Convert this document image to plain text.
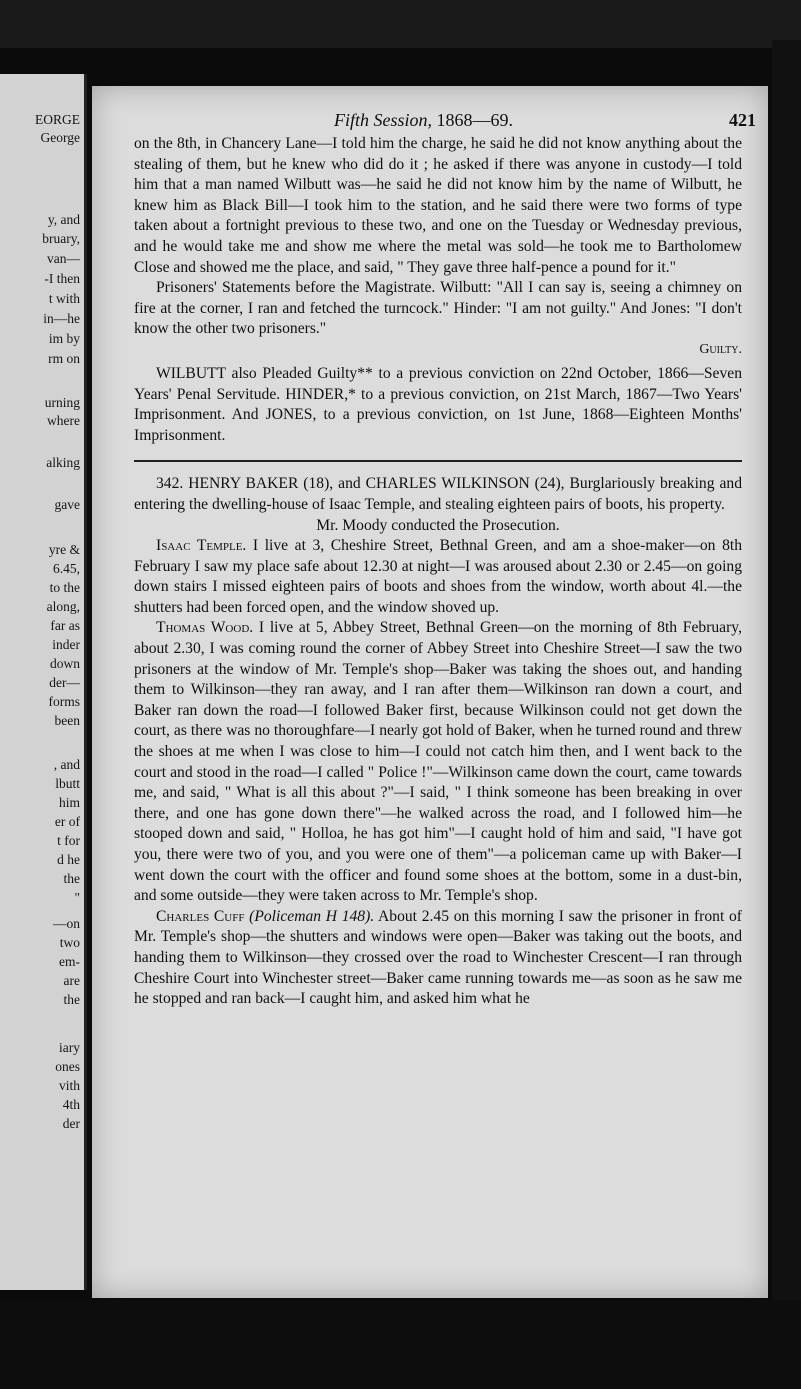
EORGE
George
y, and
bruary,
van—
-I then
t with
in—he
im by
rm on
urning
where
alking
gave
yre &
6.45,
to the
along,
far as
inder
down
der—
forms
been
, and
lbutt
him
er of
t for
d he
the
"
—on
two
em-
are
the
iary
ones
vith
4th
der
Fifth Session, 1868—69.	421

on the 8th, in Chancery Lane—I told him the charge, he said he did not know anything about the stealing of them, but he knew who did do it ; he asked if there was anyone in custody—I told him that a man named Wilbutt was—he said he did not know him by the name of Wilbutt, he knew him as Black Bill—I took him to the station, and he said there were two forms of type taken about a fortnight previous to these two, and one on the Tuesday or Wednesday previous, and he would take me and show me where the metal was sold—he took me to Bartholomew Close and showed me the place, and said, " They gave three half-pence a pound for it."

Prisoners' Statements before the Magistrate. Wilbutt: "All I can say is, seeing a chimney on fire at the corner, I ran and fetched the turncock." Hinder: "I am not guilty." And Jones: "I don't know the other two prisoners."

Guilty.

WILBUTT also Pleaded Guilty** to a previous conviction on 22nd October, 1866—Seven Years' Penal Servitude. HINDER,* to a previous conviction, on 21st March, 1867—Two Years' Imprisonment. And JONES, to a previous conviction, on 1st June, 1868—Eighteen Months' Imprisonment.

342. HENRY BAKER (18), and CHARLES WILKINSON (24), Burglariously breaking and entering the dwelling-house of Isaac Temple, and stealing eighteen pairs of boots, his property.

Mr. Moody conducted the Prosecution.

Isaac Temple. I live at 3, Cheshire Street, Bethnal Green, and am a shoe-maker—on 8th February I saw my place safe about 12.30 at night—I was aroused about 2.30 or 2.45—on going down stairs I missed eighteen pairs of boots and shoes from the window, worth about 4l.—the shutters had been forced open, and the window shoved up.

Thomas Wood. I live at 5, Abbey Street, Bethnal Green—on the morning of 8th February, about 2.30, I was coming round the corner of Abbey Street into Cheshire Street—I saw the two prisoners at the window of Mr. Temple's shop—Baker was taking the shoes out, and handing them to Wilkinson—they ran away, and I ran after them—Wilkinson ran down a court, and Baker ran down the road—I followed Baker first, because Wilkinson could not get down the court, as there was no thoroughfare—I nearly got hold of Baker, when he turned round and threw the shoes at me when I was close to him—I could not catch him then, and I went back to the court and stood in the road—I called " Police !"—Wilkinson came down the court, came towards me, and said, " What is all this about ?"—I said, " I think someone has been breaking in over there, and one has gone down there"—he walked across the road, and I followed him—he stooped down and said, " Holloa, he has got him"—I caught hold of him and said, "I have got you, there were two of you, and you were one of them"—a policeman came up with Baker—I went down the court with the officer and found some shoes at the bottom, some in a dust-bin, and some outside—they were taken across to Mr. Temple's shop.

Charles Cuff (Policeman H 148). About 2.45 on this morning I saw the prisoner in front of Mr. Temple's shop—the shutters and windows were open—Baker was taking out the boots, and handing them to Wilkinson—they crossed over the road to Winchester Crescent—I ran through Cheshire Court into Winchester street—Baker came running towards me—as soon as he saw me he stopped and ran back—I caught him, and asked him what he
